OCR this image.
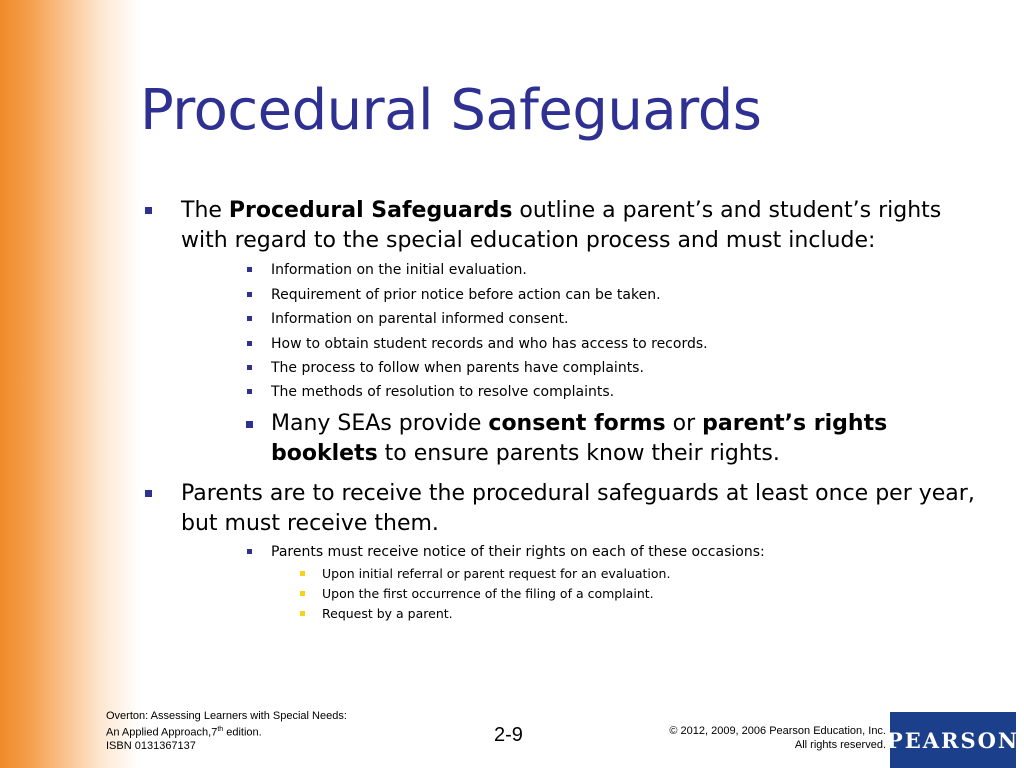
Procedural Safeguards
The Procedural Safeguards outline a parent’s and student’s rights with regard to the special education process and must include:
Information on the initial evaluation.
Requirement of prior notice before action can be taken.
Information on parental informed consent.
How to obtain student records and who has access to records.
The process to follow when parents have complaints.
The methods of resolution to resolve complaints.
Many SEAs provide consent forms or parent’s rights booklets to ensure parents know their rights.
Parents are to receive the procedural safeguards at least once per year, but must receive them.
Parents must receive notice of their rights on each of these occasions:
Upon initial referral or parent request for an evaluation.
Upon the first occurrence of the filing of a complaint.
Request by a parent.
Overton: Assessing Learners with Special Needs:
An Applied Approach,7th edition.
ISBN 0131367137	2-9	© 2012, 2009, 2006 Pearson Education, Inc.
All rights reserved. PEARSON
